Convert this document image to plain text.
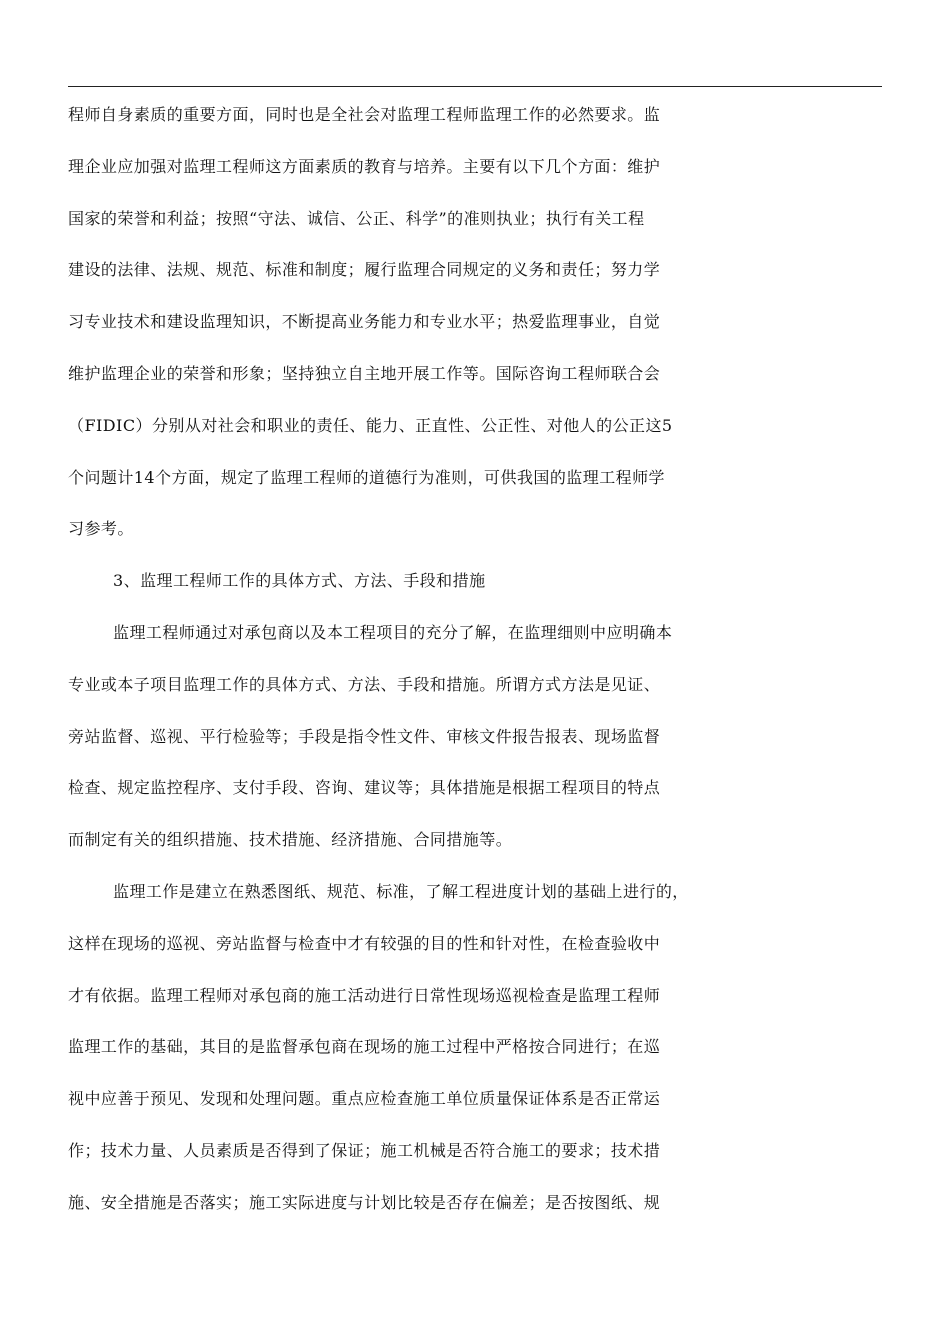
程师自身素质的重要方面，同时也是全社会对监理工程师监理工作的必然要求。监
理企业应加强对监理工程师这方面素质的教育与培养。主要有以下几个方面：维护
国家的荣誉和利益；按照“守法、诚信、公正、科学”的准则执业；执行有关工程
建设的法律、法规、规范、标准和制度；履行监理合同规定的义务和责任；努力学
习专业技术和建设监理知识，不断提高业务能力和专业水平；热爱监理事业，自觉
维护监理企业的荣誉和形象；坚持独立自主地开展工作等。国际咨询工程师联合会
（FIDIC）分别从对社会和职业的责任、能力、正直性、公正性、对他人的公正这5
个问题计14个方面，规定了监理工程师的道德行为准则，可供我国的监理工程师学
习参考。
3、监理工程师工作的具体方式、方法、手段和措施
监理工程师通过对承包商以及本工程项目的充分了解，在监理细则中应明确本
专业或本子项目监理工作的具体方式、方法、手段和措施。所谓方式方法是见证、
旁站监督、巡视、平行检验等；手段是指令性文件、审核文件报告报表、现场监督
检查、规定监控程序、支付手段、咨询、建议等；具体措施是根据工程项目的特点
而制定有关的组织措施、技术措施、经济措施、合同措施等。
监理工作是建立在熟悉图纸、规范、标准，了解工程进度计划的基础上进行的，
这样在现场的巡视、旁站监督与检查中才有较强的目的性和针对性，在检查验收中
才有依据。监理工程师对承包商的施工活动进行日常性现场巡视检查是监理工程师
监理工作的基础，其目的是监督承包商在现场的施工过程中严格按合同进行；在巡
视中应善于预见、发现和处理问题。重点应检查施工单位质量保证体系是否正常运
作；技术力量、人员素质是否得到了保证；施工机械是否符合施工的要求；技术措
施、安全措施是否落实；施工实际进度与计划比较是否存在偏差；是否按图纸、规
